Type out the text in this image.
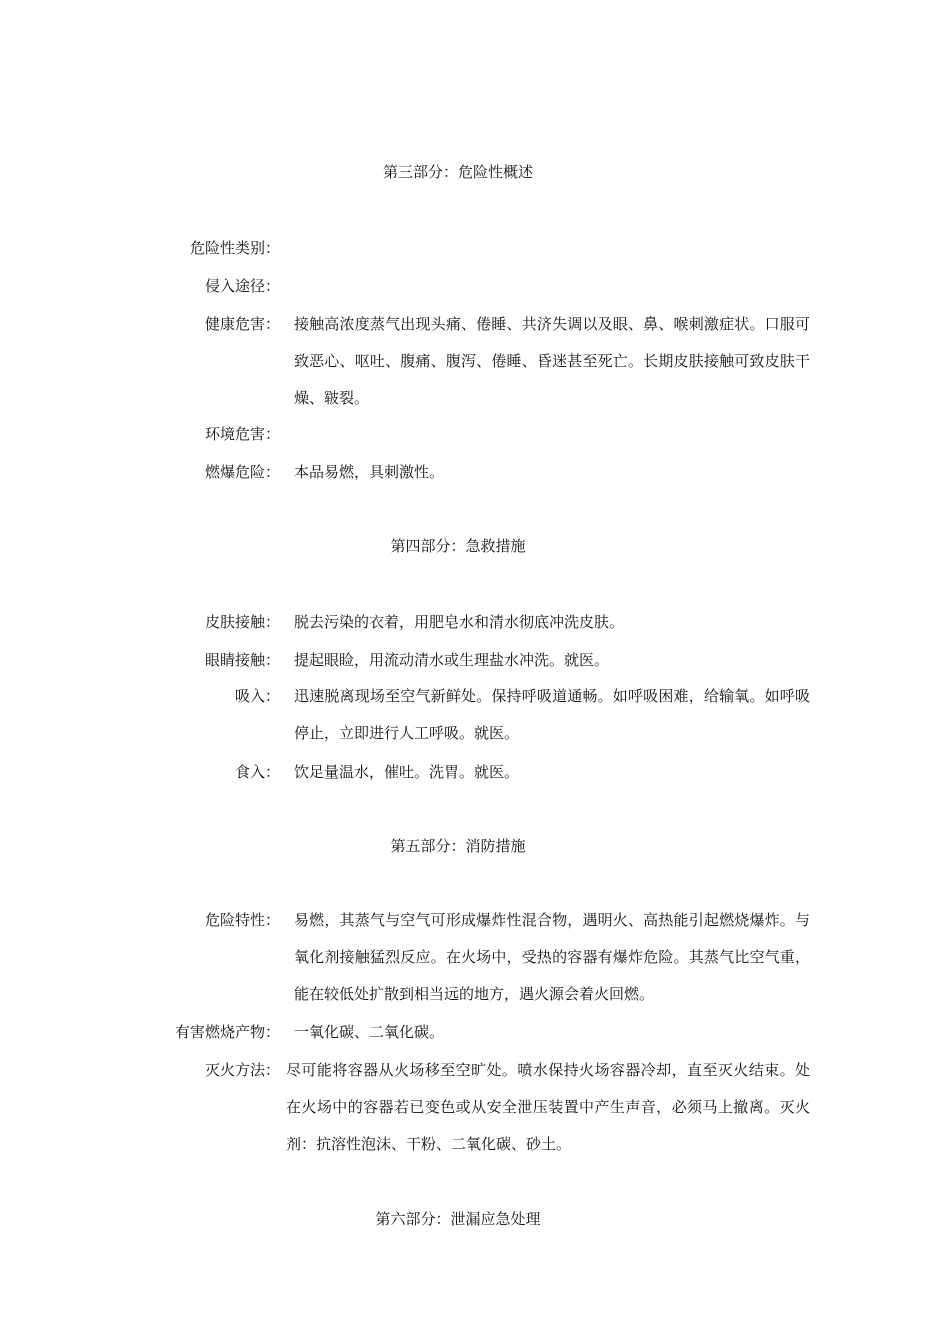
第三部分：危险性概述
危险性类别：
侵入途径：
健康危害： 接触高浓度蒸气出现头痛、倦睡、共济失调以及眼、鼻、喉刺激症状。口服可致恶心、呕吐、腹痛、腹泻、倦睡、昏迷甚至死亡。长期皮肤接触可致皮肤干燥、皲裂。
环境危害：
燃爆危险： 本品易燃，具刺激性。
第四部分：急救措施
皮肤接触： 脱去污染的衣着，用肥皂水和清水彻底冲洗皮肤。
眼睛接触： 提起眼睑，用流动清水或生理盐水冲洗。就医。
吸入： 迅速脱离现场至空气新鲜处。保持呼吸道通畅。如呼吸困难，给输氧。如呼吸停止，立即进行人工呼吸。就医。
食入： 饮足量温水，催吐。洗胃。就医。
第五部分：消防措施
危险特性： 易燃，其蒸气与空气可形成爆炸性混合物，遇明火、高热能引起燃烧爆炸。与氧化剂接触猛烈反应。在火场中，受热的容器有爆炸危险。其蒸气比空气重，能在较低处扩散到相当远的地方，遇火源会着火回燃。
有害燃烧产物： 一氧化碳、二氧化碳。
灭火方法： 尽可能将容器从火场移至空旷处。喷水保持火场容器冷却，直至灭火结束。处在火场中的容器若已变色或从安全泄压装置中产生声音，必须马上撤离。灭火剂：抗溶性泡沫、干粉、二氧化碳、砂土。
第六部分：泄漏应急处理
